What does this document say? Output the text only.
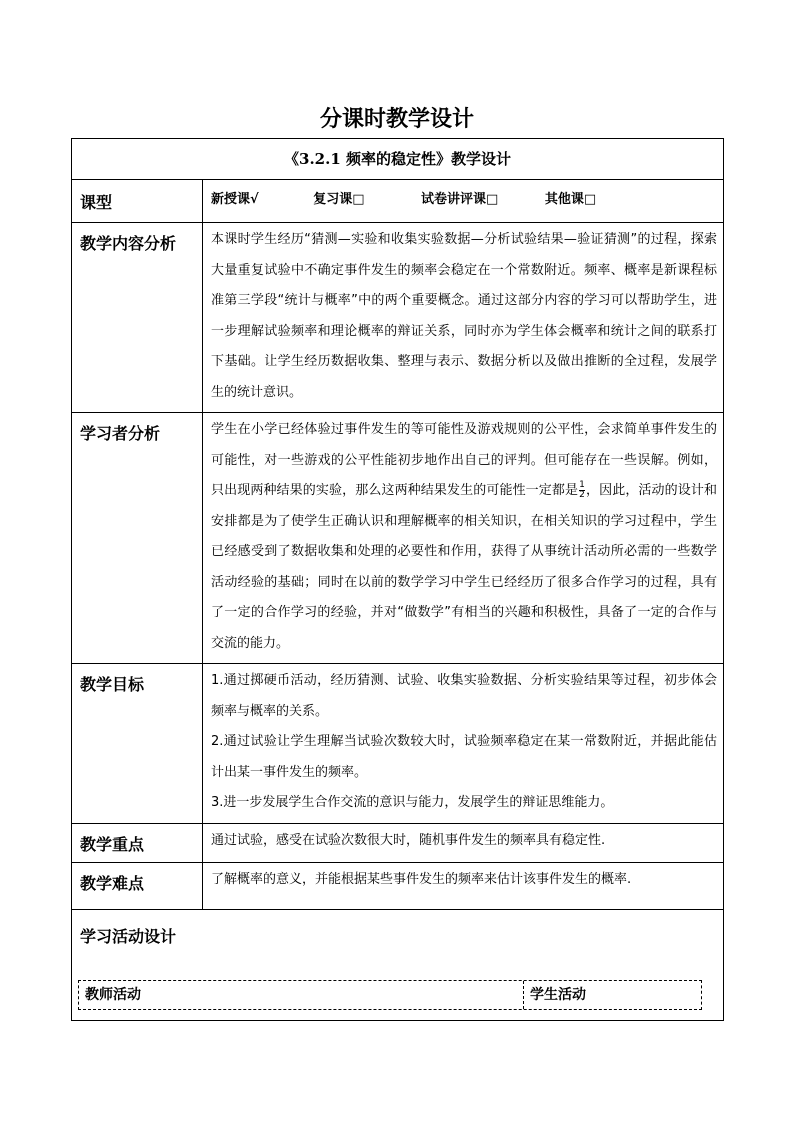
分课时教学设计
《3.2.1 频率的稳定性》教学设计	
课型	新授课√ 复习课□ 试卷讲评课□ 其他课□
教学内容分析	本课时学生经历“猜测—实验和收集实验数据—分析试验结果—验证猜测”的过程，探索大量重复试验中不确定事件发生的频率会稳定在一个常数附近。频率、概率是新课程标准第三学段“统计与概率”中的两个重要概念。通过这部分内容的学习可以帮助学生，进一步理解试验频率和理论概率的辩证关系，同时亦为学生体会概率和统计之间的联系打下基础。让学生经历数据收集、整理与表示、数据分析以及做出推断的全过程，发展学生的统计意识。
学习者分析	学生在小学已经体验过事件发生的等可能性及游戏规则的公平性，会求简单事件发生的可能性，对一些游戏的公平性能初步地作出自己的评判。但可能存在一些误解。例如，只出现两种结果的实验，那么这两种结果发生的可能性一定都是 $\frac{1}{2}$ ，因此，活动的设计和安排都是为了使学生正确认识和理解概率的相关知识，在相关知识的学习过程中，学生已经感受到了数据收集和处理的必要性和作用，获得了从事统计活动所必需的一些数学活动经验的基础；同时在以前的数学学习中学生已经经历了很多合作学习的过程，具有了一定的合作学习的经验，并对“做数学”有相当的兴趣和积极性，具备了一定的合作与交流的能力。
教学目标	1.通过掷硬币活动，经历猜测、试验、收集实验数据、分析实验结果等过程，初步体会频率与概率的关系。
2.通过试验让学生理解当试验次数较大时，试验频率稳定在某一常数附近，并据此能估计出某一事件发生的频率。
3.进一步发展学生合作交流的意识与能力，发展学生的辩证思维能力。

教学重点	通过试验，感受在试验次数很大时，随机事件发生的频率具有稳定性.
教学难点	了解概率的意义，并能根据某些事件发生的频率来估计该事件发生的概率.

学习活动设计
教师活动 学生活动	
